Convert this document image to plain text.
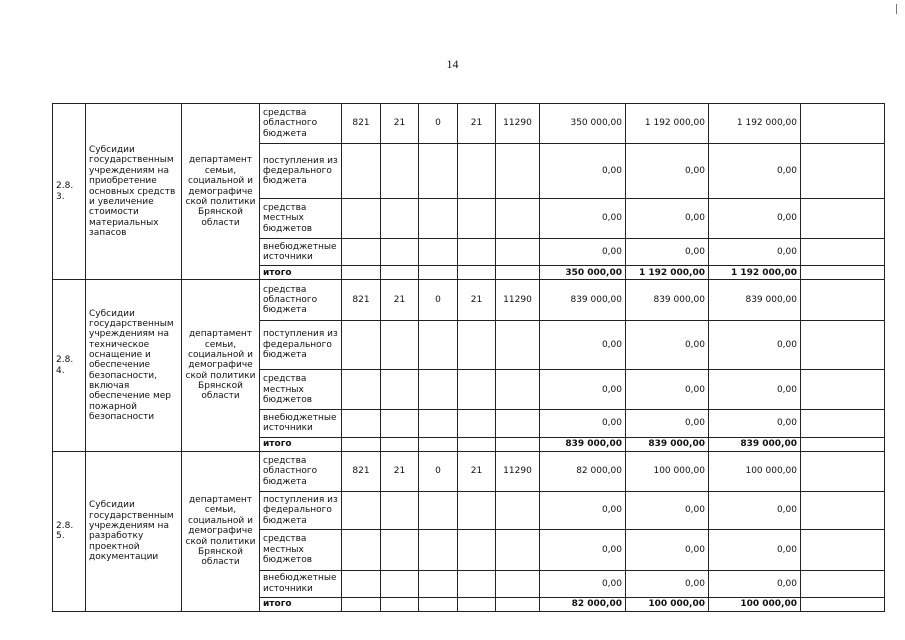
14
2.8.
3.	Субсидии государственным учреждениям на приобретение основных средств и увеличение стоимости материальных запасов	департамент семьи, социальной и демографиче ской политики Брянской области	средства областного бюджета	821	21	0	21	11290	350 000,00	1 192 000,00	1 192 000,00	
			поступления из федерального бюджета						0,00	0,00	0,00	
			средства местных бюджетов						0,00	0,00	0,00	
			внебюджетные источники						0,00	0,00	0,00	
			итого						350 000,00	1 192 000,00	1 192 000,00	
2.8.
4.	Субсидии государственным учреждениям на техническое оснащение и обеспечение безопасности, включая обеспечение мер пожарной безопасности	департамент семьи, социальной и демографиче ской политики Брянской области	средства областного бюджета	821	21	0	21	11290	839 000,00	839 000,00	839 000,00	
			поступления из федерального бюджета						0,00	0,00	0,00	
			средства местных бюджетов						0,00	0,00	0,00	
			внебюджетные источники						0,00	0,00	0,00	
			итого						839 000,00	839 000,00	839 000,00	
2.8.
5.	Субсидии государственным учреждениям на разработку проектной документации	департамент семьи, социальной и демографиче ской политики Брянской области	средства областного бюджета	821	21	0	21	11290	82 000,00	100 000,00	100 000,00	
			поступления из федерального бюджета						0,00	0,00	0,00	
			средства местных бюджетов						0,00	0,00	0,00	
			внебюджетные источники						0,00	0,00	0,00	
			итого						82 000,00	100 000,00	100 000,00	
